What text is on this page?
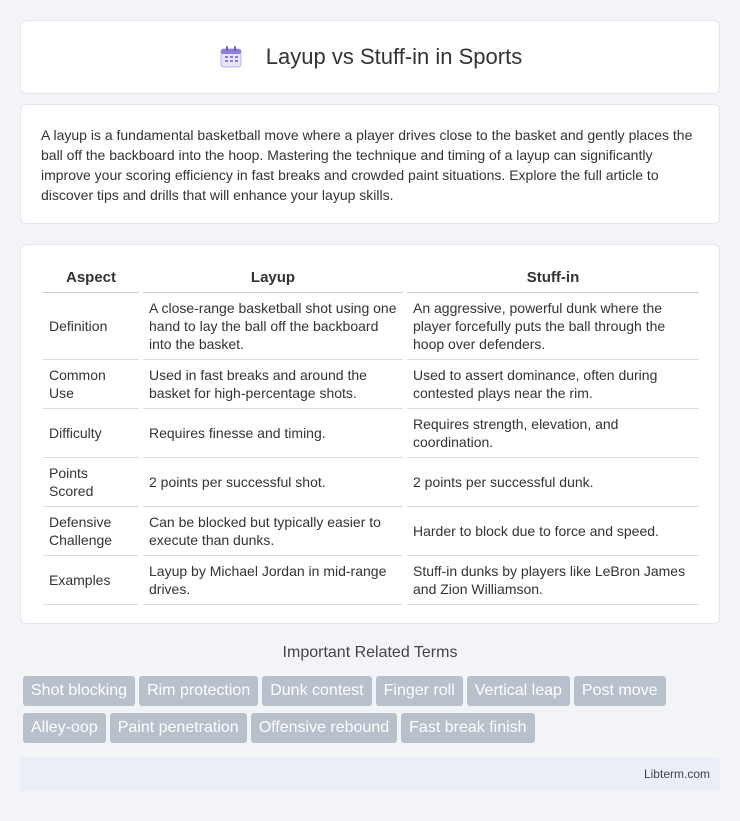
Layup vs Stuff-in in Sports

A layup is a fundamental basketball move where a player drives close to the basket and gently places the ball off the backboard into the hoop. Mastering the technique and timing of a layup can significantly improve your scoring efficiency in fast breaks and crowded paint situations. Explore the full article to discover tips and drills that will enhance your layup skills.

Aspect	Layup	Stuff-in
Definition	A close-range basketball shot using one hand to lay the ball off the backboard into the basket.	An aggressive, powerful dunk where the player forcefully puts the ball through the hoop over defenders.
Common Use	Used in fast breaks and around the basket for high-percentage shots.	Used to assert dominance, often during contested plays near the rim.
Difficulty	Requires finesse and timing.	Requires strength, elevation, and coordination.
Points Scored	2 points per successful shot.	2 points per successful dunk.
Defensive Challenge	Can be blocked but typically easier to execute than dunks.	Harder to block due to force and speed.
Examples	Layup by Michael Jordan in mid-range drives.	Stuff-in dunks by players like LeBron James and Zion Williamson.
Important Related Terms
Shot blocking Rim protection Dunk contest Finger roll Vertical leap Post move
Alley-oop Paint penetration Offensive rebound Fast break finish
Libterm.com
